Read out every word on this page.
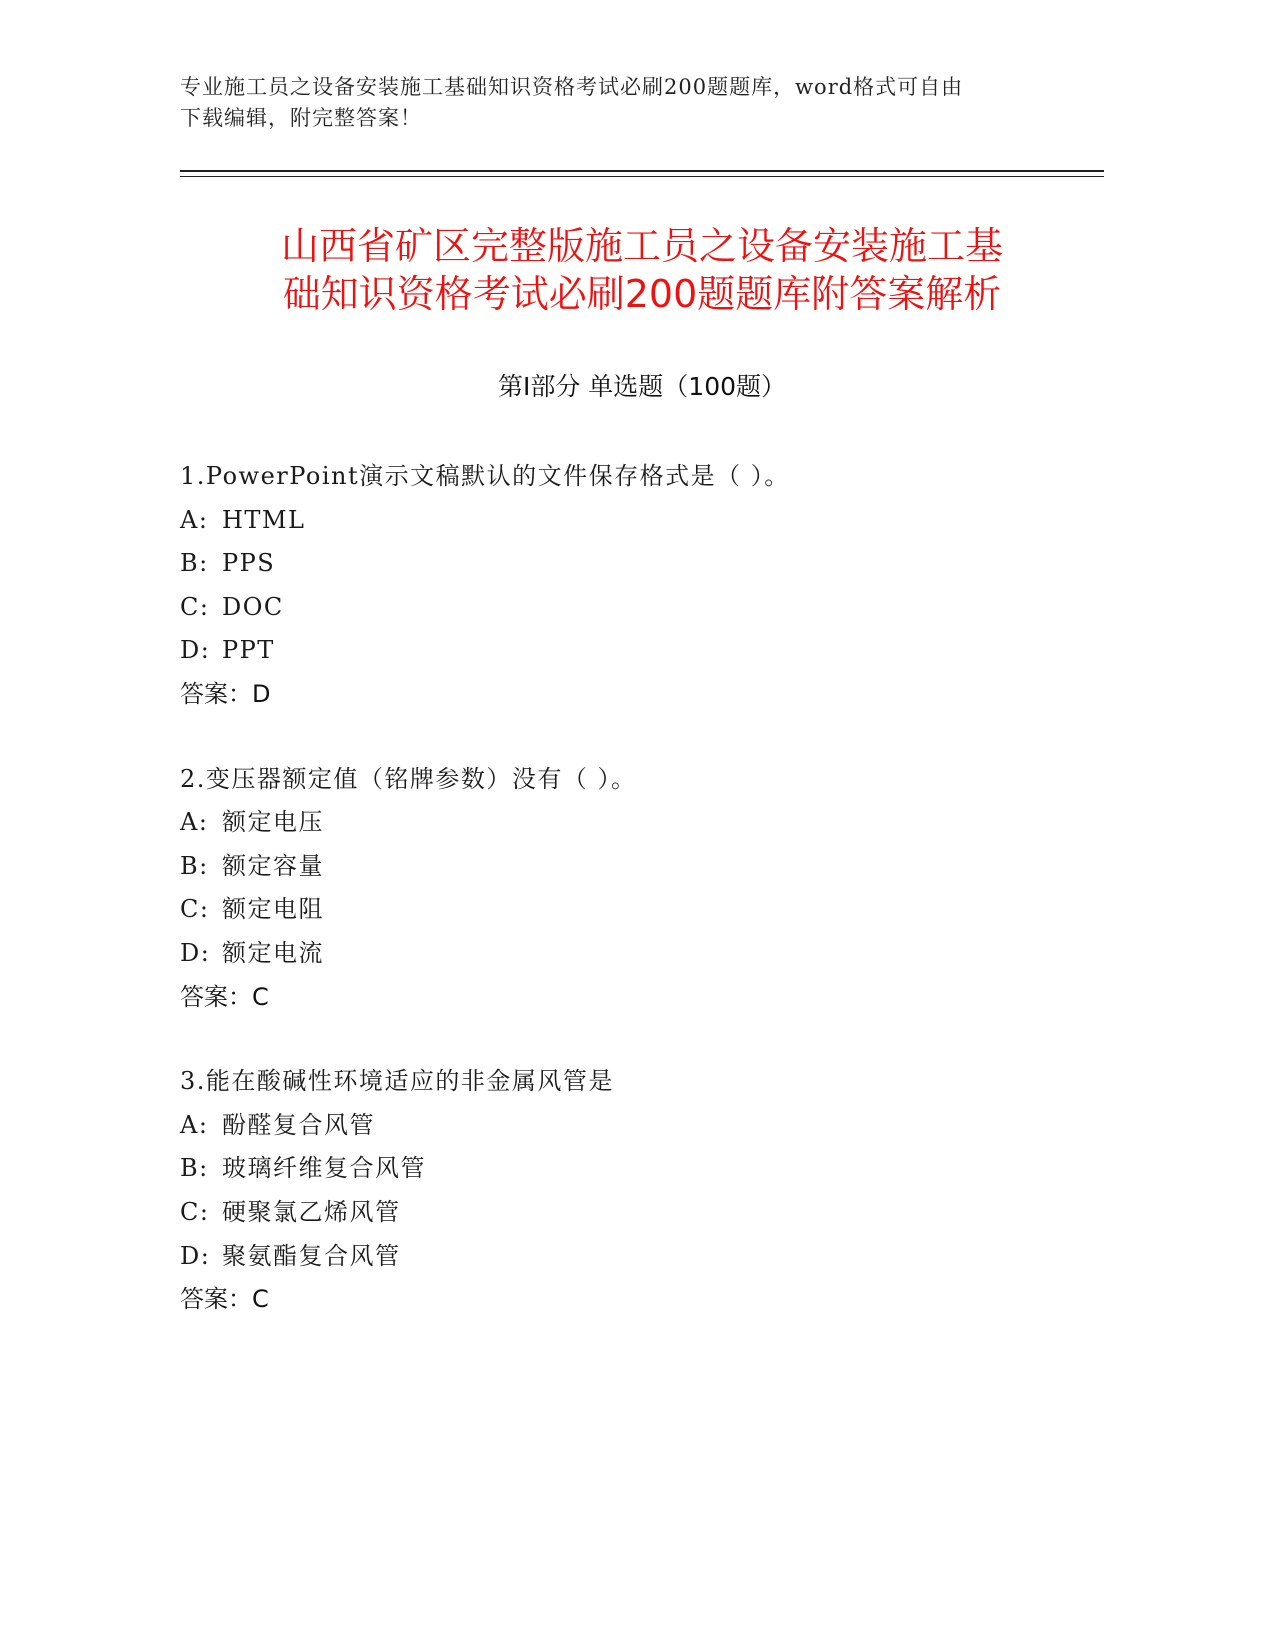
专业施工员之设备安装施工基础知识资格考试必刷200题题库，word格式可自由
下载编辑，附完整答案！
山西省矿区完整版施工员之设备安装施工基
础知识资格考试必刷200题题库附答案解析
第Ⅰ部分 单选题（100题）
1.PowerPoint演示文稿默认的文件保存格式是（ ）。
A: HTML
B: PPS
C: DOC
D: PPT
答案：D
2.变压器额定值（铭牌参数）没有（ ）。
A: 额定电压
B: 额定容量
C: 额定电阻
D: 额定电流
答案：C
3.能在酸碱性环境适应的非金属风管是
A: 酚醛复合风管
B: 玻璃纤维复合风管
C: 硬聚氯乙烯风管
D: 聚氨酯复合风管
答案：C
